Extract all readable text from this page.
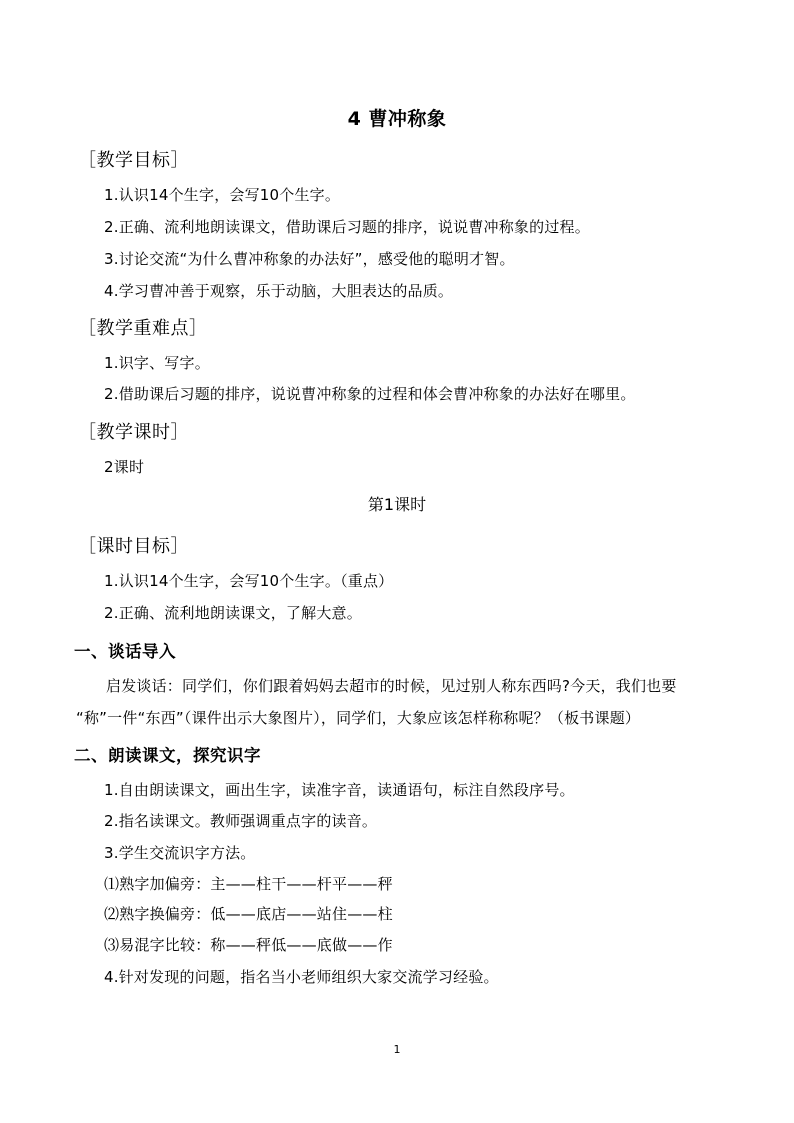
4 曹冲称象
［教学目标］
1.认识14个生字，会写10个生字。
2.正确、流利地朗读课文，借助课后习题的排序，说说曹冲称象的过程。
3.讨论交流“为什么曹冲称象的办法好”，感受他的聪明才智。
4.学习曹冲善于观察，乐于动脑，大胆表达的品质。
［教学重难点］
1.识字、写字。
2.借助课后习题的排序，说说曹冲称象的过程和体会曹冲称象的办法好在哪里。
［教学课时］
2课时
第1课时
［课时目标］
1.认识14个生字，会写10个生字。（重点）
2.正确、流利地朗读课文，了解大意。
一、谈话导入
启发谈话：同学们，你们跟着妈妈去超市的时候，见过别人称东西吗?今天，我们也要
“称”一件“东西”（课件出示大象图片），同学们，大象应该怎样称称呢？（板书课题）
二、朗读课文，探究识字
1.自由朗读课文，画出生字，读准字音，读通语句，标注自然段序号。
2.指名读课文。教师强调重点字的读音。
3.学生交流识字方法。
⑴熟字加偏旁：主——柱干——杆平——秤
⑵熟字换偏旁：低——底店——站住——柱
⑶易混字比较：称——秤低——底做——作
4.针对发现的问题，指名当小老师组织大家交流学习经验。
1
